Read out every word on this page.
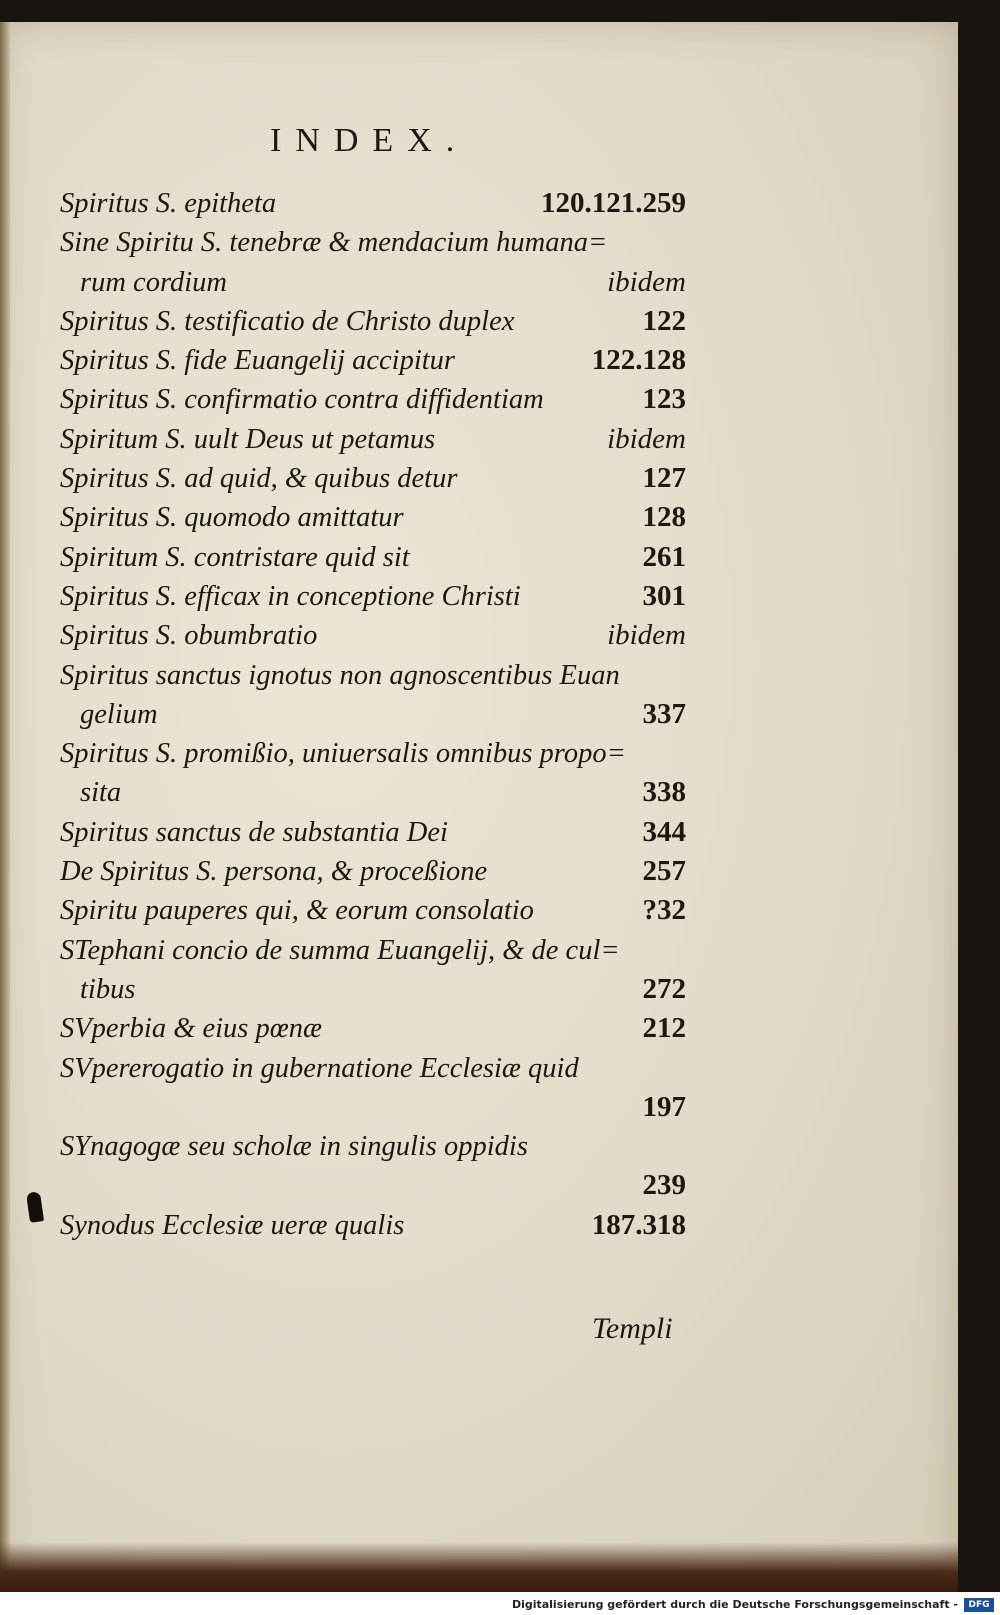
INDEX.
Spiritus S. epitheta	120.121.259
Sine Spiritu S. tenebræ & mendacium humana=
rum cordium	ibidem
Spiritus S. testificatio de Christo duplex	122
Spiritus S. fide Euangelij accipitur	122.128
Spiritus S. confirmatio contra diffidentiam	123
Spiritum S. uult Deus ut petamus	ibidem
Spiritus S. ad quid, & quibus detur	127
Spiritus S. quomodo amittatur	128
Spiritum S. contristare quid sit	261
Spiritus S. efficax in conceptione Christi	301
Spiritus S. obumbratio	ibidem
Spiritus sanctus ignotus non agnoscentibus Euan
gelium	337
Spiritus S. promißio, uniuersalis omnibus propo=
sita	338
Spiritus sanctus de substantia Dei	344
De Spiritus S. persona, & proceßione	257
Spiritu pauperes qui, & eorum consolatio	?32
STephani concio de summa Euangelij, & de cul=
tibus	272
SVperbia & eius pœnæ	212
SVpererogatio in gubernatione Ecclesiæ quid
197
SYnagogæ seu scholæ in singulis oppidis
239
Synodus Ecclesiæ ueræ qualis	187.318
Templi
Digitalisierung gefördert durch die Deutsche Forschungsgemeinschaft -	DFG
